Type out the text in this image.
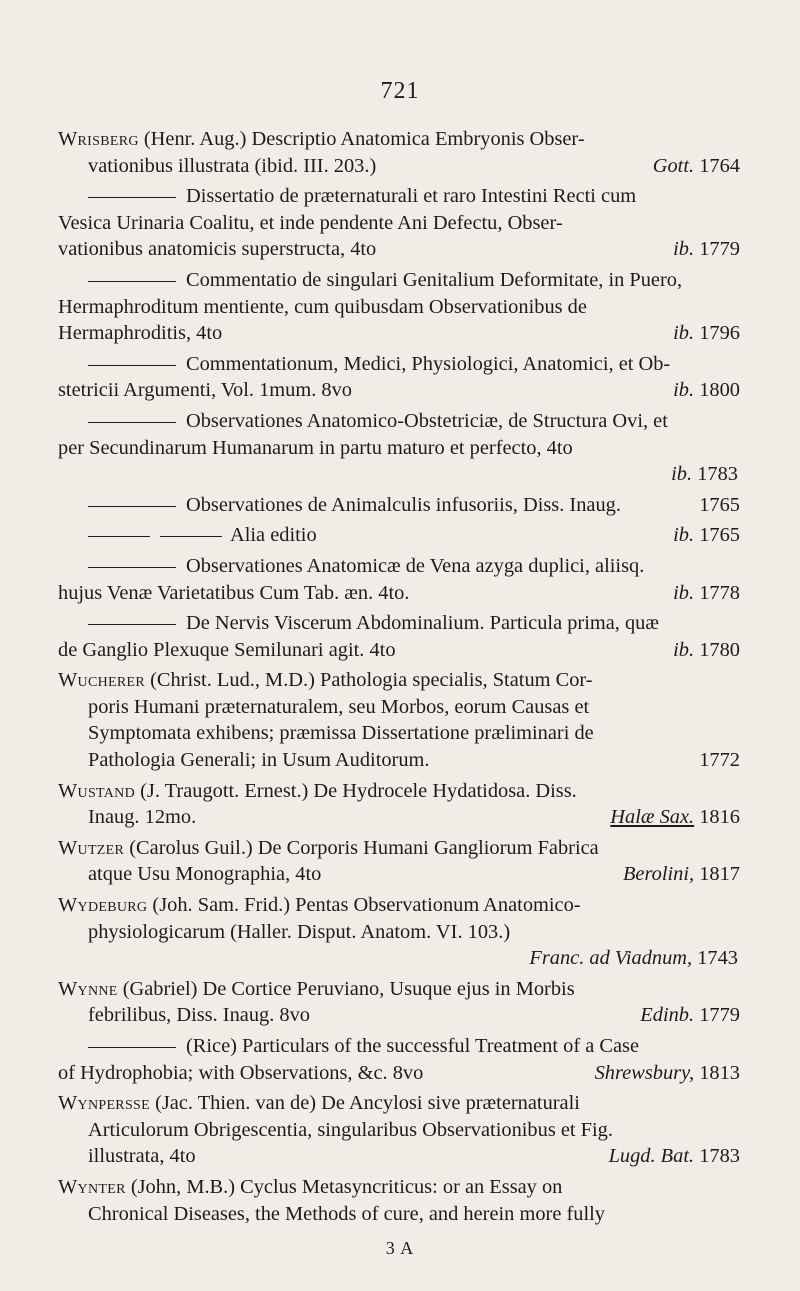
721
Wrisberg (Henr. Aug.) Descriptio Anatomica Embryonis Obser-
vationibus illustrata (ibid. III. 203.)	Gott. 1764
Dissertatio de præternaturali et raro Intestini Recti cum
Vesica Urinaria Coalitu, et inde pendente Ani Defectu, Obser-
vationibus anatomicis superstructa, 4to	ib. 1779
Commentatio de singulari Genitalium Deformitate, in Puero,
Hermaphroditum mentiente, cum quibusdam Observationibus de
Hermaphroditis, 4to	ib. 1796
Commentationum, Medici, Physiologici, Anatomici, et Ob-
stetricii Argumenti, Vol. 1mum. 8vo	ib. 1800
Observationes Anatomico-Obstetriciæ, de Structura Ovi, et
per Secundinarum Humanarum in partu maturo et perfecto, 4to
ib. 1783
Observationes de Animalculis infusoriis, Diss. Inaug.	1765
Alia editio	ib. 1765
Observationes Anatomicæ de Vena azyga duplici, aliisq.
hujus Venæ Varietatibus Cum Tab. æn. 4to.	ib. 1778
De Nervis Viscerum Abdominalium. Particula prima, quæ
de Ganglio Plexuque Semilunari agit. 4to	ib. 1780
Wucherer (Christ. Lud., M.D.) Pathologia specialis, Statum Cor-
poris Humani præternaturalem, seu Morbos, eorum Causas et
Symptomata exhibens; præmissa Dissertatione præliminari de
Pathologia Generali; in Usum Auditorum.	1772
Wustand (J. Traugott. Ernest.) De Hydrocele Hydatidosa. Diss.
Inaug. 12mo.	Halæ Sax. 1816
Wutzer (Carolus Guil.) De Corporis Humani Gangliorum Fabrica
atque Usu Monographia, 4to	Berolini, 1817
Wydeburg (Joh. Sam. Frid.) Pentas Observationum Anatomico-
physiologicarum (Haller. Disput. Anatom. VI. 103.)
Franc. ad Viadnum, 1743
Wynne (Gabriel) De Cortice Peruviano, Usuque ejus in Morbis
febrilibus, Diss. Inaug. 8vo	Edinb. 1779
(Rice) Particulars of the successful Treatment of a Case
of Hydrophobia; with Observations, &c. 8vo	Shrewsbury, 1813
Wynpersse (Jac. Thien. van de) De Ancylosi sive præternaturali
Articulorum Obrigescentia, singularibus Observationibus et Fig.
illustrata, 4to	Lugd. Bat. 1783
Wynter (John, M.B.) Cyclus Metasyncriticus: or an Essay on
Chronical Diseases, the Methods of cure, and herein more fully
3 A
